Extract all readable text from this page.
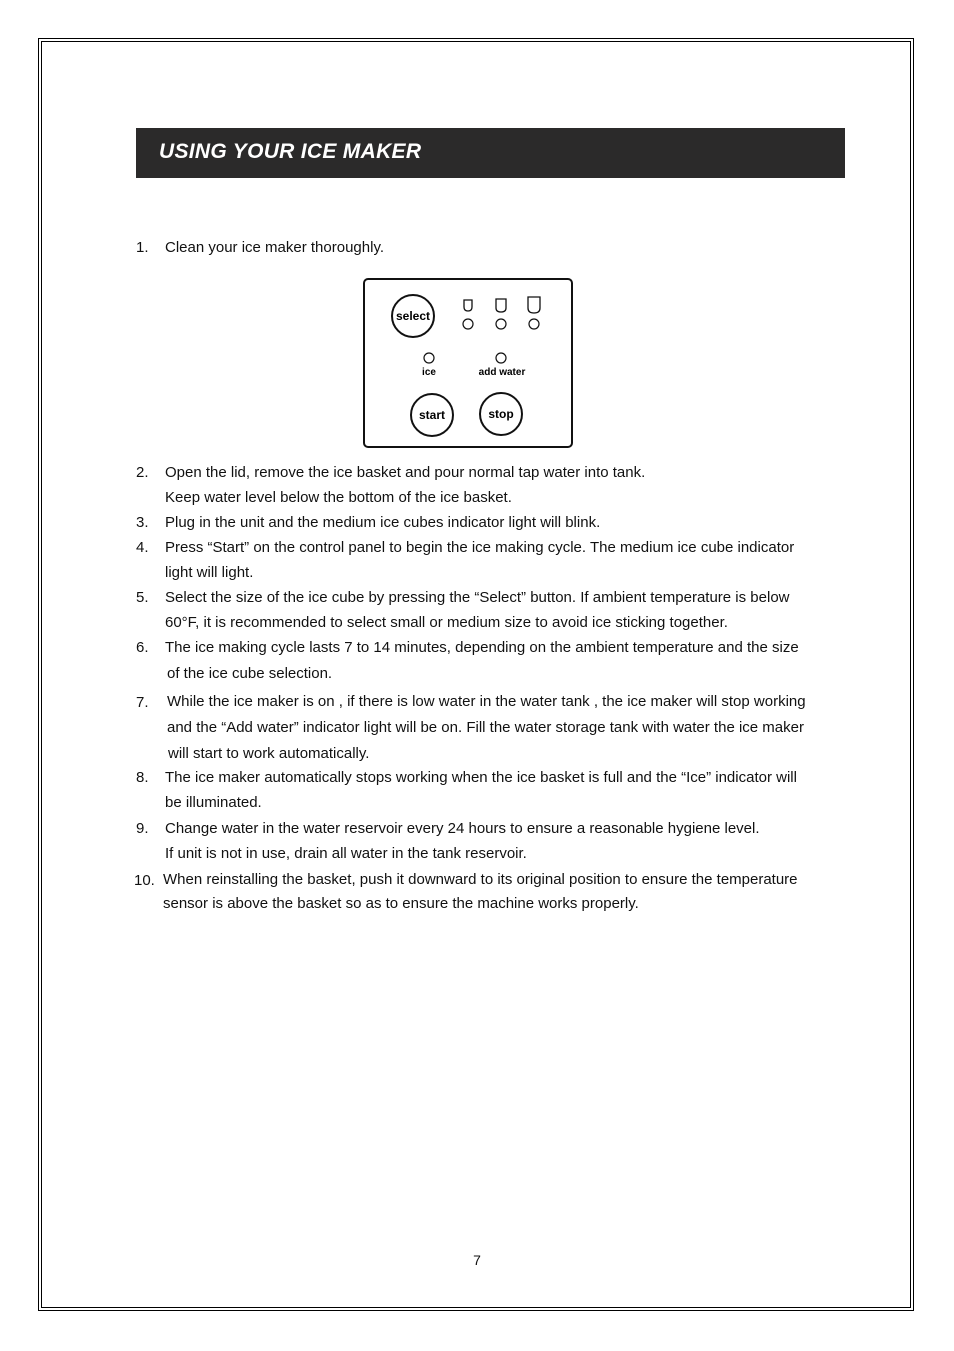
USING YOUR ICE MAKER
1.	Clean your ice maker thoroughly.
select
ice	add water
start	stop
2.	Open the lid, remove the ice basket and pour normal tap water into tank.
Keep water level below the bottom of the ice basket.
3.	Plug in the unit and the medium ice cubes indicator light will blink.
4.	Press “Start” on the control panel to begin the ice making cycle. The medium ice cube indicator
light will light.
5.	Select the size of the ice cube by pressing the “Select” button. If ambient temperature is below
60°F, it is recommended to select small or medium size to avoid ice sticking together.
6.	The ice making cycle lasts 7 to 14 minutes, depending on the ambient temperature and the size
of the ice cube selection.
7.	While the ice maker is on , if there is low water in the water tank , the ice maker will stop working
and the “Add water” indicator light will be on. Fill the water storage tank with water the ice maker
will start to work automatically.
8.	The ice maker automatically stops working when the ice basket is full and the “Ice” indicator will
be illuminated.
9.	Change water in the water reservoir every 24 hours to ensure a reasonable hygiene level.
If unit is not in use, drain all water in the tank reservoir.
10. When reinstalling the basket, push it downward to its original position to ensure the temperature
sensor is above the basket so as to ensure the machine works properly.
7
